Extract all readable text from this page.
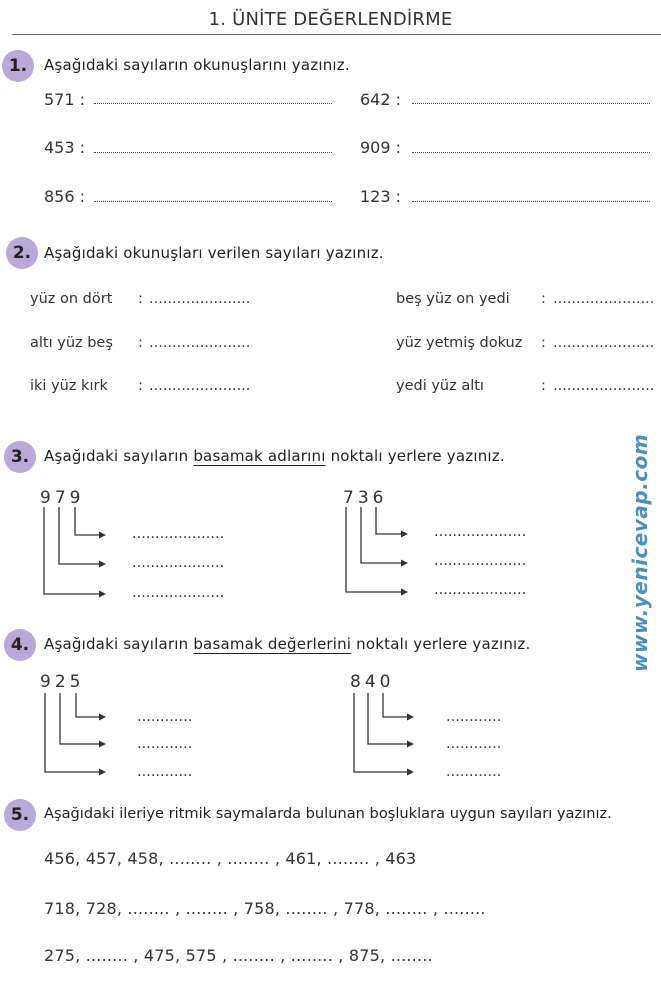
1. ÜNİTE DEĞERLENDİRME
www.yenicevap.com
1.	Aşağıdaki sayıların okunuşlarını yazınız.
571 :	642 :
453 :	909 :
856 :	123 :
2. Aşağıdaki okunuşları verilen sayıları yazınız.
yüz on dört : ......................	beş yüz on yedi : ......................
altı yüz beş : ......................	yüz yetmiş dokuz : ......................
iki yüz kırk : ......................	yedi yüz altı	: ......................
3. Aşağıdaki sayıların basamak adlarını noktalı yerlere yazınız.
979
....................
....................
....................
736
....................
....................
....................
4. Aşağıdaki sayıların basamak değerlerini noktalı yerlere yazınız.
925
............
............
............
840
............
............
............
5.	Aşağıdaki ileriye ritmik saymalarda bulunan boşluklara uygun sayıları yazınız.
456, 457, 458, ........ , ........ , 461, ........ , 463
718, 728, ........ , ........ , 758, ........ , 778, ........ , ........
275, ........ , 475, 575 , ........ , ........ , 875, ........
